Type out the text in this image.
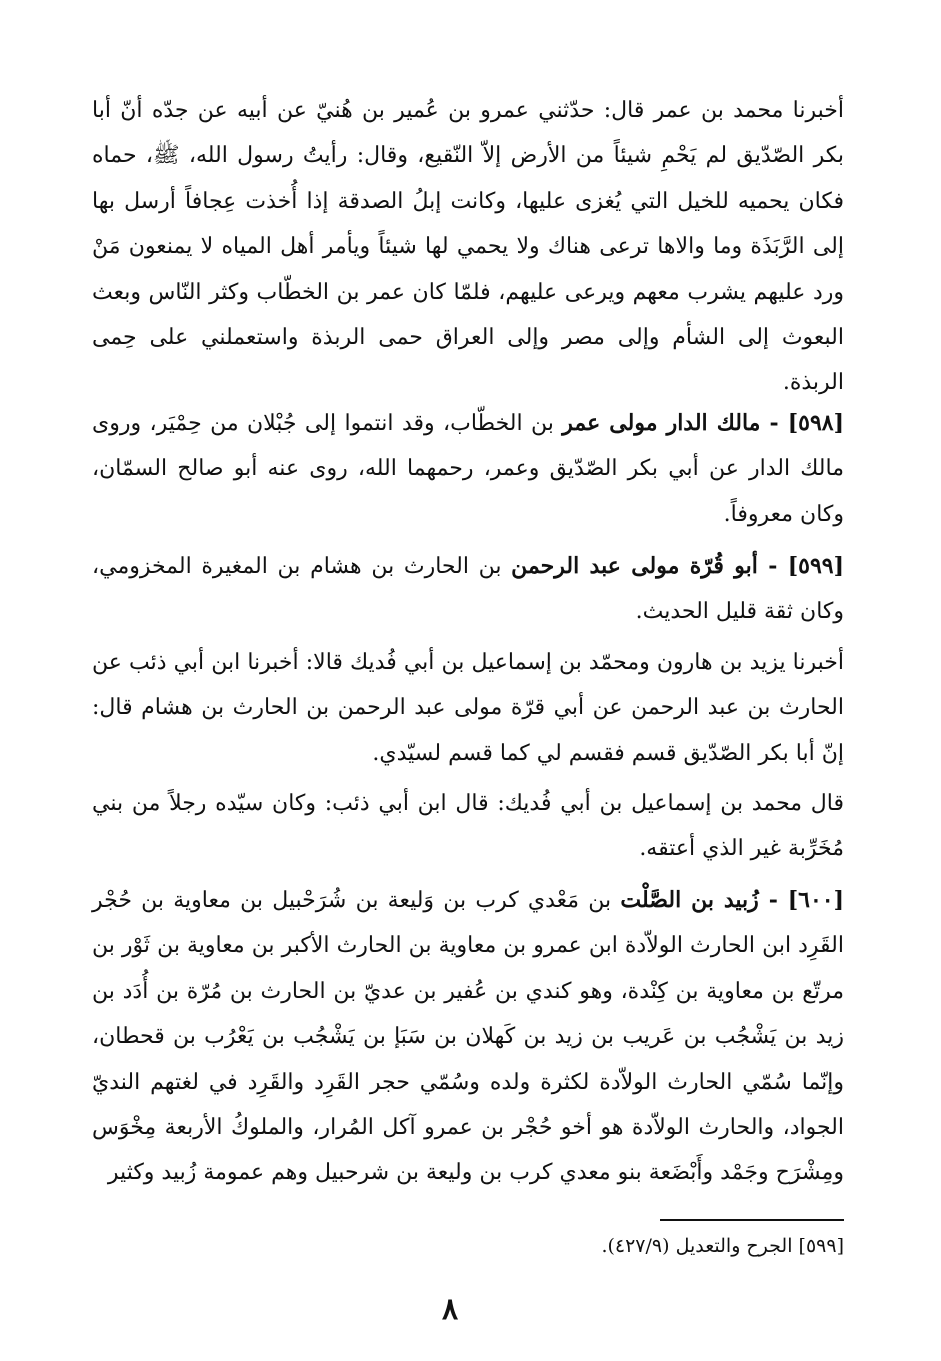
أخبرنا محمد بن عمر قال: حدّثني عمرو بن عُمير بن هُنيّ عن أبيه عن جدّه أنّ أبا بكر الصّدّيق لم يَحْمِ شيئاً من الأرض إلاّ النّقيع، وقال: رأيتُ رسول الله، ﷺ، حماه فكان يحميه للخيل التي يُغزى عليها، وكانت إبلُ الصدقة إذا أُخذت عِجافاً أرسل بها إلى الرَّبَذَة وما والاها ترعى هناك ولا يحمي لها شيئاً ويأمر أهل المياه لا يمنعون مَنْ ورد عليهم يشرب معهم ويرعى عليهم، فلمّا كان عمر بن الخطّاب وكثر النّاس وبعث البعوث إلى الشأم وإلى مصر وإلى العراق حمى الربذة واستعملني على حِمى الربذة.

[٥٩٨] - مالك الدار مولى عمر بن الخطّاب، وقد انتموا إلى جُبْلان من حِمْيَر، وروى مالك الدار عن أبي بكر الصّدّيق وعمر، رحمهما الله، روى عنه أبو صالح السمّان، وكان معروفاً.

[٥٩٩] - أبو قُرّة مولى عبد الرحمن بن الحارث بن هشام بن المغيرة المخزومي، وكان ثقة قليل الحديث.

أخبرنا يزيد بن هارون ومحمّد بن إسماعيل بن أبي فُديك قالا: أخبرنا ابن أبي ذئب عن الحارث بن عبد الرحمن عن أبي قرّة مولى عبد الرحمن بن الحارث بن هشام قال: إنّ أبا بكر الصّدّيق قسم فقسم لي كما قسم لسيّدي.

قال محمد بن إسماعيل بن أبي فُديك: قال ابن أبي ذئب: وكان سيّده رجلاً من بني مُخَرِّبة غير الذي أعتقه.

[٦٠٠] - زُبيد بن الصَّلْت بن مَعْدي كرب بن وَليعة بن شُرَحْبيل بن معاوية بن حُجْر القَرِد ابن الحارث الولاّدة ابن عمرو بن معاوية بن الحارث الأكبر بن معاوية بن ثَوْر بن مرتّع بن معاوية بن كِنْدة، وهو كندي بن عُفير بن عديّ بن الحارث بن مُرّة بن أُدَد بن زيد بن يَشْجُب بن عَريب بن زيد بن كَهلان بن سَبَإ بن يَشْجُب بن يَعْرُب بن قحطان، وإنّما سُمّي الحارث الولاّدة لكثرة ولده وسُمّي حجر القَرِد والقَرِد في لغتهم النديّ الجواد، والحارث الولاّدة هو أخو حُجْر بن عمرو آكل المُرار، والملوكُ الأربعة مِخْوَس ومِشْرَح وجَمْد وأَبْضَعة بنو معدي كرب بن وليعة بن شرحبيل وهم عمومة زُبيد وكثير

[٥٩٩] الجرح والتعديل (٤٢٧/٩).

٨
